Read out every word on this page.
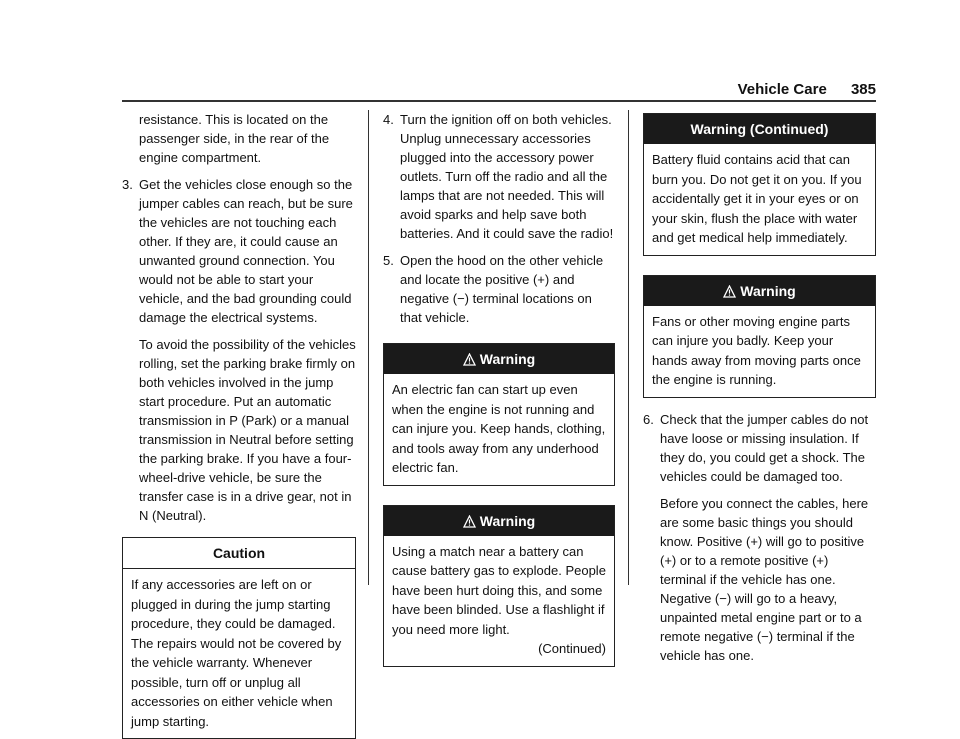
Vehicle Care 385

resistance. This is located on the passenger side, in the rear of the engine compartment.

3. Get the vehicles close enough so the jumper cables can reach, but be sure the vehicles are not touching each other. If they are, it could cause an unwanted ground connection. You would not be able to start your vehicle, and the bad grounding could damage the electrical systems.

To avoid the possibility of the vehicles rolling, set the parking brake firmly on both vehicles involved in the jump start procedure. Put an automatic transmission in P (Park) or a manual transmission in Neutral before setting the parking brake. If you have a four-wheel-drive vehicle, be sure the transfer case is in a drive gear, not in N (Neutral).

Caution
If any accessories are left on or plugged in during the jump starting procedure, they could be damaged. The repairs would not be covered by the vehicle warranty. Whenever possible, turn off or unplug all accessories on either vehicle when jump starting.
4. Turn the ignition off on both vehicles. Unplug unnecessary accessories plugged into the accessory power outlets. Turn off the radio and all the lamps that are not needed. This will avoid sparks and help save both batteries. And it could save the radio!

5. Open the hood on the other vehicle and locate the positive (+) and negative (−) terminal locations on that vehicle.

Warning
An electric fan can start up even when the engine is not running and can injure you. Keep hands, clothing, and tools away from any underhood electric fan.
Warning
Using a match near a battery can cause battery gas to explode. People have been hurt doing this, and some have been blinded. Use a flashlight if you need more light.
(Continued)
Warning (Continued)
Battery fluid contains acid that can burn you. Do not get it on you. If you accidentally get it in your eyes or on your skin, flush the place with water and get medical help immediately.
Warning
Fans or other moving engine parts can injure you badly. Keep your hands away from moving parts once the engine is running.
6. Check that the jumper cables do not have loose or missing insulation. If they do, you could get a shock. The vehicles could be damaged too.

Before you connect the cables, here are some basic things you should know. Positive (+) will go to positive (+) or to a remote positive (+) terminal if the vehicle has one. Negative (−) will go to a heavy, unpainted metal engine part or to a remote negative (−) terminal if the vehicle has one.
